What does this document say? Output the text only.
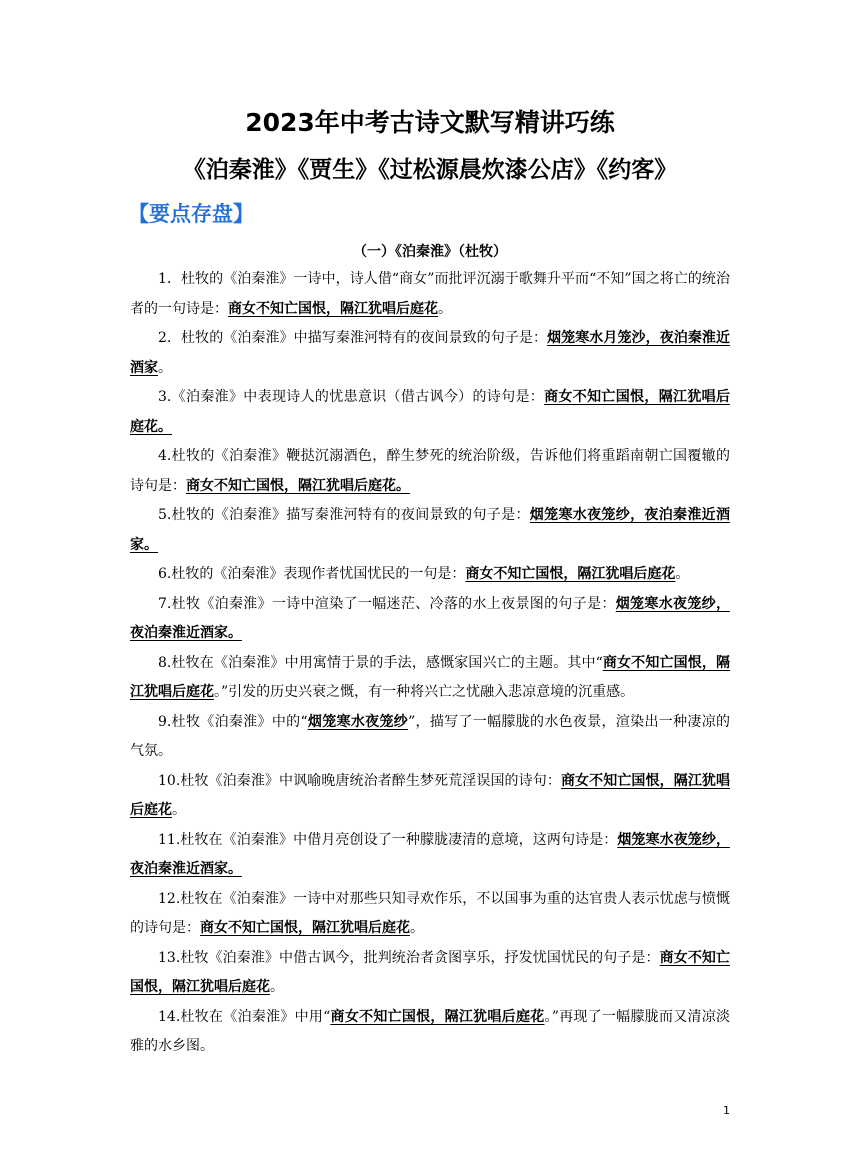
2023年中考古诗文默写精讲巧练
《泊秦淮》《贾生》《过松源晨炊漆公店》《约客》
【要点存盘】
（一）《泊秦淮》（杜牧）

1．杜牧的《泊秦淮》一诗中，诗人借“商女”而批评沉溺于歌舞升平而“不知”国之将亡的统治者的一句诗是：商女不知亡国恨，隔江犹唱后庭花。

2．杜牧的《泊秦淮》中描写秦淮河特有的夜间景致的句子是：烟笼寒水月笼沙，夜泊秦淮近酒家。

3.《泊秦淮》中表现诗人的忧患意识（借古讽今）的诗句是：商女不知亡国恨，隔江犹唱后庭花。

4.杜牧的《泊秦淮》鞭挞沉溺酒色，醉生梦死的统治阶级，告诉他们将重蹈南朝亡国覆辙的诗句是：商女不知亡国恨，隔江犹唱后庭花。

5.杜牧的《泊秦淮》描写秦淮河特有的夜间景致的句子是：烟笼寒水夜笼纱，夜泊秦淮近酒家。

6.杜牧的《泊秦淮》表现作者忧国忧民的一句是：商女不知亡国恨，隔江犹唱后庭花。

7.杜牧《泊秦淮》一诗中渲染了一幅迷茫、冷落的水上夜景图的句子是：烟笼寒水夜笼纱，夜泊秦淮近酒家。

8.杜牧在《泊秦淮》中用寓情于景的手法，感慨家国兴亡的主题。其中“商女不知亡国恨，隔江犹唱后庭花。”引发的历史兴衰之慨，有一种将兴亡之忧融入悲凉意境的沉重感。

9.杜牧《泊秦淮》中的“烟笼寒水夜笼纱”，描写了一幅朦胧的水色夜景，渲染出一种凄凉的气氛。

10.杜牧《泊秦淮》中讽喻晚唐统治者醉生梦死荒淫误国的诗句：商女不知亡国恨，隔江犹唱后庭花。

11.杜牧在《泊秦淮》中借月亮创设了一种朦胧凄清的意境，这两句诗是：烟笼寒水夜笼纱，夜泊秦淮近酒家。

12.杜牧在《泊秦淮》一诗中对那些只知寻欢作乐，不以国事为重的达官贵人表示忧虑与愤慨的诗句是：商女不知亡国恨，隔江犹唱后庭花。

13.杜牧《泊秦淮》中借古讽今，批判统治者贪图享乐，抒发忧国忧民的句子是：商女不知亡国恨，隔江犹唱后庭花。

14.杜牧在《泊秦淮》中用“商女不知亡国恨，隔江犹唱后庭花。”再现了一幅朦胧而又清凉淡雅的水乡图。

1
